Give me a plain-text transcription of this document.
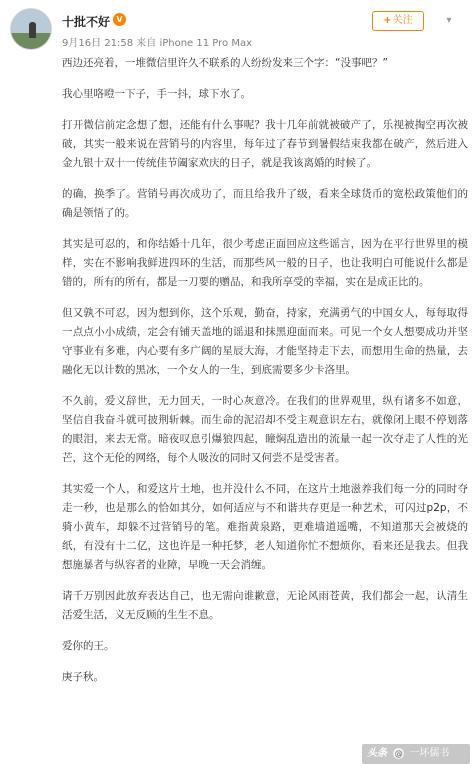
十批不好 V
9月16日 21:58 来自 iPhone 11 Pro Max
+关注	▾

西边还亮着，一堆微信里许久不联系的人纷纷发来三个字：“没事吧？”

我心里咯噔一下子，手一抖，球下水了。

打开微信前定念想了想，还能有什么事呢？我十几年前就被破产了，乐视被掏空再次被破，其实一般来说在营销号的内容里，每年过了春节到暑假结束我都在破产，然后进入金九银十双十一传统佳节阖家欢庆的日子，就是我该离婚的时候了。

的确，换季了。营销号再次成功了，而且给我升了级，看来全球货币的宽松政策他们的确是领悟了的。

其实是可忍的，和你结婚十几年，很少考虑正面回应这些谣言，因为在平行世界里的模样，实在不影响我鲜进四环的生活，而那些风一般的日子，也让我明白可能说什么都是错的，所有的所有，都是一刀要的赠品，和我所享受的幸福，实在是成正比的。

但又孰不可忍，因为想到你，这个乐观，勤奋，持家，充满勇气的中国女人，每每取得一点点小小成绩，定会有铺天盖地的谣退和抹黑迎面而来。可见一个女人想要成功并坚守事业有多难，内心要有多广阔的星辰大海，才能坚持走下去，而想用生命的热量，去融化无以计数的黑冰，一个女人的一生，到底需要多少卡洛里。

不久前，爱义辞世，无力回天，一时心灰意冷。在我们的世界观里，纵有诸多不如意，坚信自我奋斗就可披荆斩棘。而生命的泥沼却不受主观意识左右，就像闭上眼不停划落的眼泪，来去无常。暗夜叹息引爆狼四起，瞳焖乱造出的流量一起一次夺走了人性的光芒，这个无伦的网络，每个人吸汝的同时又何尝不是受害者。

其实爱一个人，和爱这片土地，也并没什么不同，在这片土地滋养我们每一分的同时夺走一秒，也是那么的恰如其分，如何适应与不和谐共存更是一种艺术，可闪过p2p，不骑小黄车，却躲不过营销号的笔。难指黄泉路，更难墙道遥嘴，不知道那天会被烧的纸，有没有十二亿，这也许是一种托梦，老人知道你忙不想烦你，看来还是我去。但我想施暴者与纵容者的业障，早晚一天会消缠。

请千万别因此放弃表达自己，也无需向谁歉意，无论风雨苍黄，我们都会一起，认清生活爱生活，义无反顾的生生不息。

爱你的王。

庚子秋。

头条 @ 一坏儒书
